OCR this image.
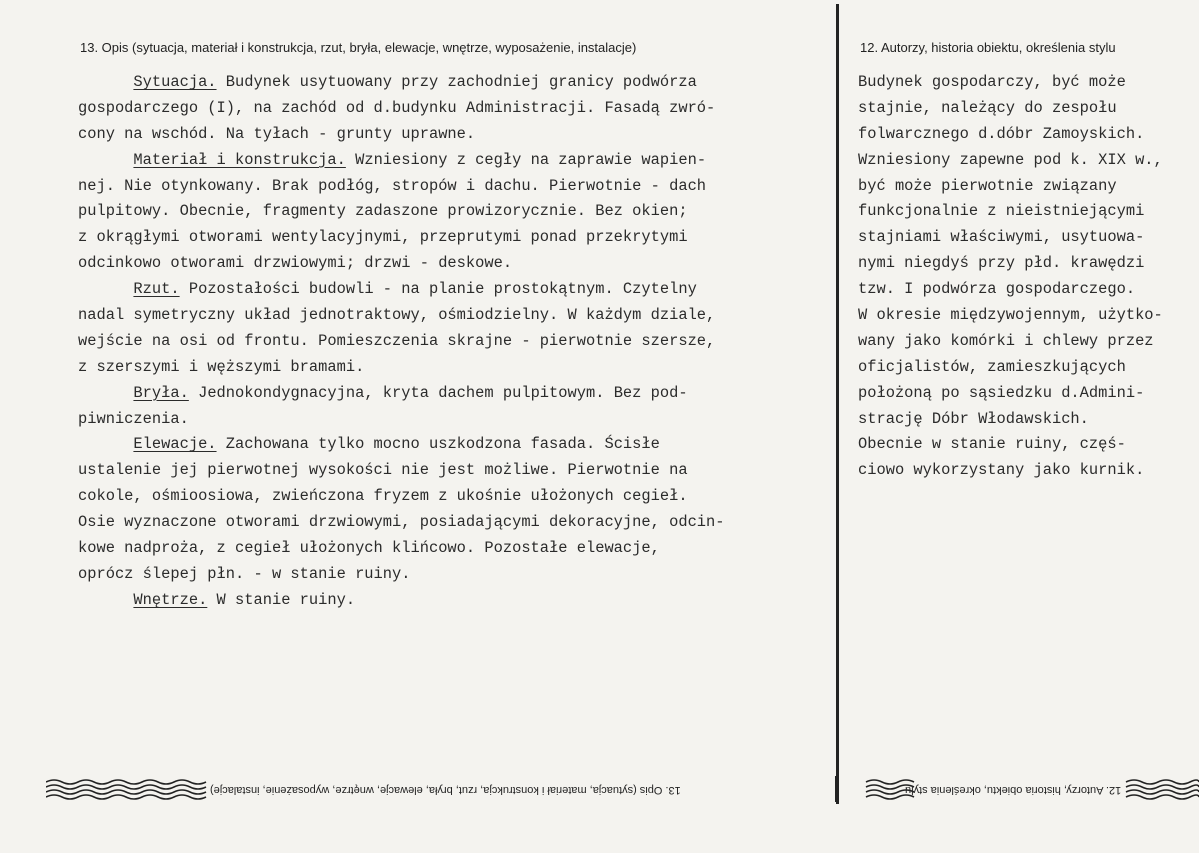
13. Opis (sytuacja, materiał i konstrukcja, rzut, bryła, elewacje, wnętrze, wyposażenie, instalacje)	12. Autorzy, historia obiektu, określenia stylu
Sytuacja. Budynek usytuowany przy zachodniej granicy podwórza
gospodarczego (I), na zachód od d.budynku Administracji. Fasadą zwró-
cony na wschód. Na tyłach - grunty uprawne.
Materiał i konstrukcja. Wzniesiony z cegły na zaprawie wapien-
nej. Nie otynkowany. Brak podłóg, stropów i dachu. Pierwotnie - dach
pulpitowy. Obecnie, fragmenty zadaszone prowizorycznie. Bez okien;
z okrągłymi otworami wentylacyjnymi, przeprutymi ponad przekrytymi
odcinkowo otworami drzwiowymi; drzwi - deskowe.
Rzut. Pozostałości budowli - na planie prostokątnym. Czytelny
nadal symetryczny układ jednotraktowy, ośmiodzielny. W każdym dziale,
wejście na osi od frontu. Pomieszczenia skrajne - pierwotnie szersze,
z szerszymi i węższymi bramami.
Bryła. Jednokondygnacyjna, kryta dachem pulpitowym. Bez pod-
piwniczenia.
Elewacje. Zachowana tylko mocno uszkodzona fasada. Ścisłe
ustalenie jej pierwotnej wysokości nie jest możliwe. Pierwotnie na
cokole, ośmioosiowa, zwieńczona fryzem z ukośnie ułożonych cegieł.
Osie wyznaczone otworami drzwiowymi, posiadającymi dekoracyjne, odcin-
kowe nadproża, z cegieł ułożonych klińcowo. Pozostałe elewacje,
oprócz ślepej płn. - w stanie ruiny.
Wnętrze. W stanie ruiny.
Budynek gospodarczy, być może
stajnie, należący do zespołu
folwarcznego d.dóbr Zamoyskich.
Wzniesiony zapewne pod k. XIX w.,
być może pierwotnie związany
funkcjonalnie z nieistniejącymi
stajniami właściwymi, usytuowa-
nymi niegdyś przy płd. krawędzi
tzw. I podwórza gospodarczego.
W okresie międzywojennym, użytko-
wany jako komórki i chlewy przez
oficjalistów, zamieszkujących
położoną po sąsiedzku d.Admini-
strację Dóbr Włodawskich.
Obecnie w stanie ruiny, częś-
ciowo wykorzystany jako kurnik.
13. Opis (sytuacja, materiał i konstrukcja, rzut, bryła, elewacje, wnętrze, wyposażenie, instalacje)	12. Autorzy, historia obiektu, określenia stylu
